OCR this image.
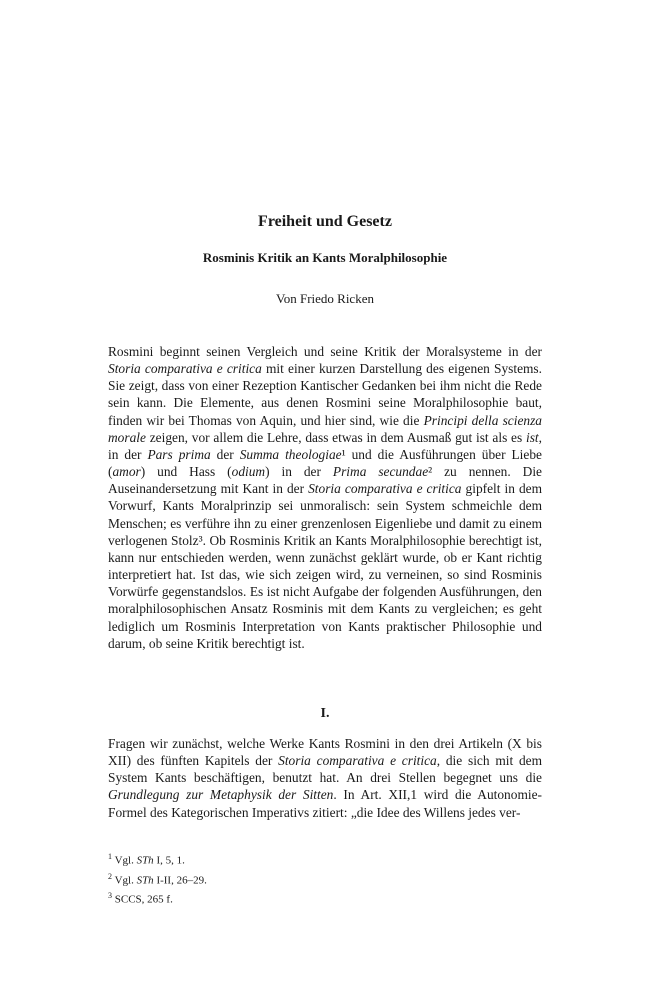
Freiheit und Gesetz
Rosminis Kritik an Kants Moralphilosophie
Von Friedo Ricken

Rosmini beginnt seinen Vergleich und seine Kritik der Moralsysteme in der Storia comparativa e critica mit einer kurzen Darstellung des eigenen Systems. Sie zeigt, dass von einer Rezeption Kantischer Gedanken bei ihm nicht die Rede sein kann. Die Elemente, aus denen Rosmini seine Moralphilosophie baut, finden wir bei Thomas von Aquin, und hier sind, wie die Principi della scienza morale zeigen, vor allem die Lehre, dass etwas in dem Ausmaß gut ist als es ist, in der Pars prima der Summa theologiae¹ und die Ausführungen über Liebe (amor) und Hass (odium) in der Prima secundae² zu nennen. Die Auseinandersetzung mit Kant in der Storia comparativa e critica gipfelt in dem Vorwurf, Kants Moralprinzip sei unmoralisch: sein System schmeichle dem Menschen; es verführe ihn zu einer grenzenlosen Eigenliebe und damit zu einem verlogenen Stolz³. Ob Rosminis Kritik an Kants Moralphilosophie berechtigt ist, kann nur entschieden werden, wenn zunächst geklärt wurde, ob er Kant richtig interpretiert hat. Ist das, wie sich zeigen wird, zu verneinen, so sind Rosminis Vorwürfe gegenstandslos. Es ist nicht Aufgabe der folgenden Ausführungen, den moralphilosophischen Ansatz Rosminis mit dem Kants zu vergleichen; es geht lediglich um Rosminis Interpretation von Kants praktischer Philosophie und darum, ob seine Kritik berechtigt ist.

I.

Fragen wir zunächst, welche Werke Kants Rosmini in den drei Artikeln (X bis XII) des fünften Kapitels der Storia comparativa e critica, die sich mit dem System Kants beschäftigen, benutzt hat. An drei Stellen begegnet uns die Grundlegung zur Metaphysik der Sitten. In Art. XII,1 wird die Autonomie-Formel des Kategorischen Imperativs zitiert: „die Idee des Willens jedes ver-

$^1$ Vgl. STh I, 5, 1.
$^2$ Vgl. STh I-II, 26–29.
$^3$ SCCS, 265 f.
